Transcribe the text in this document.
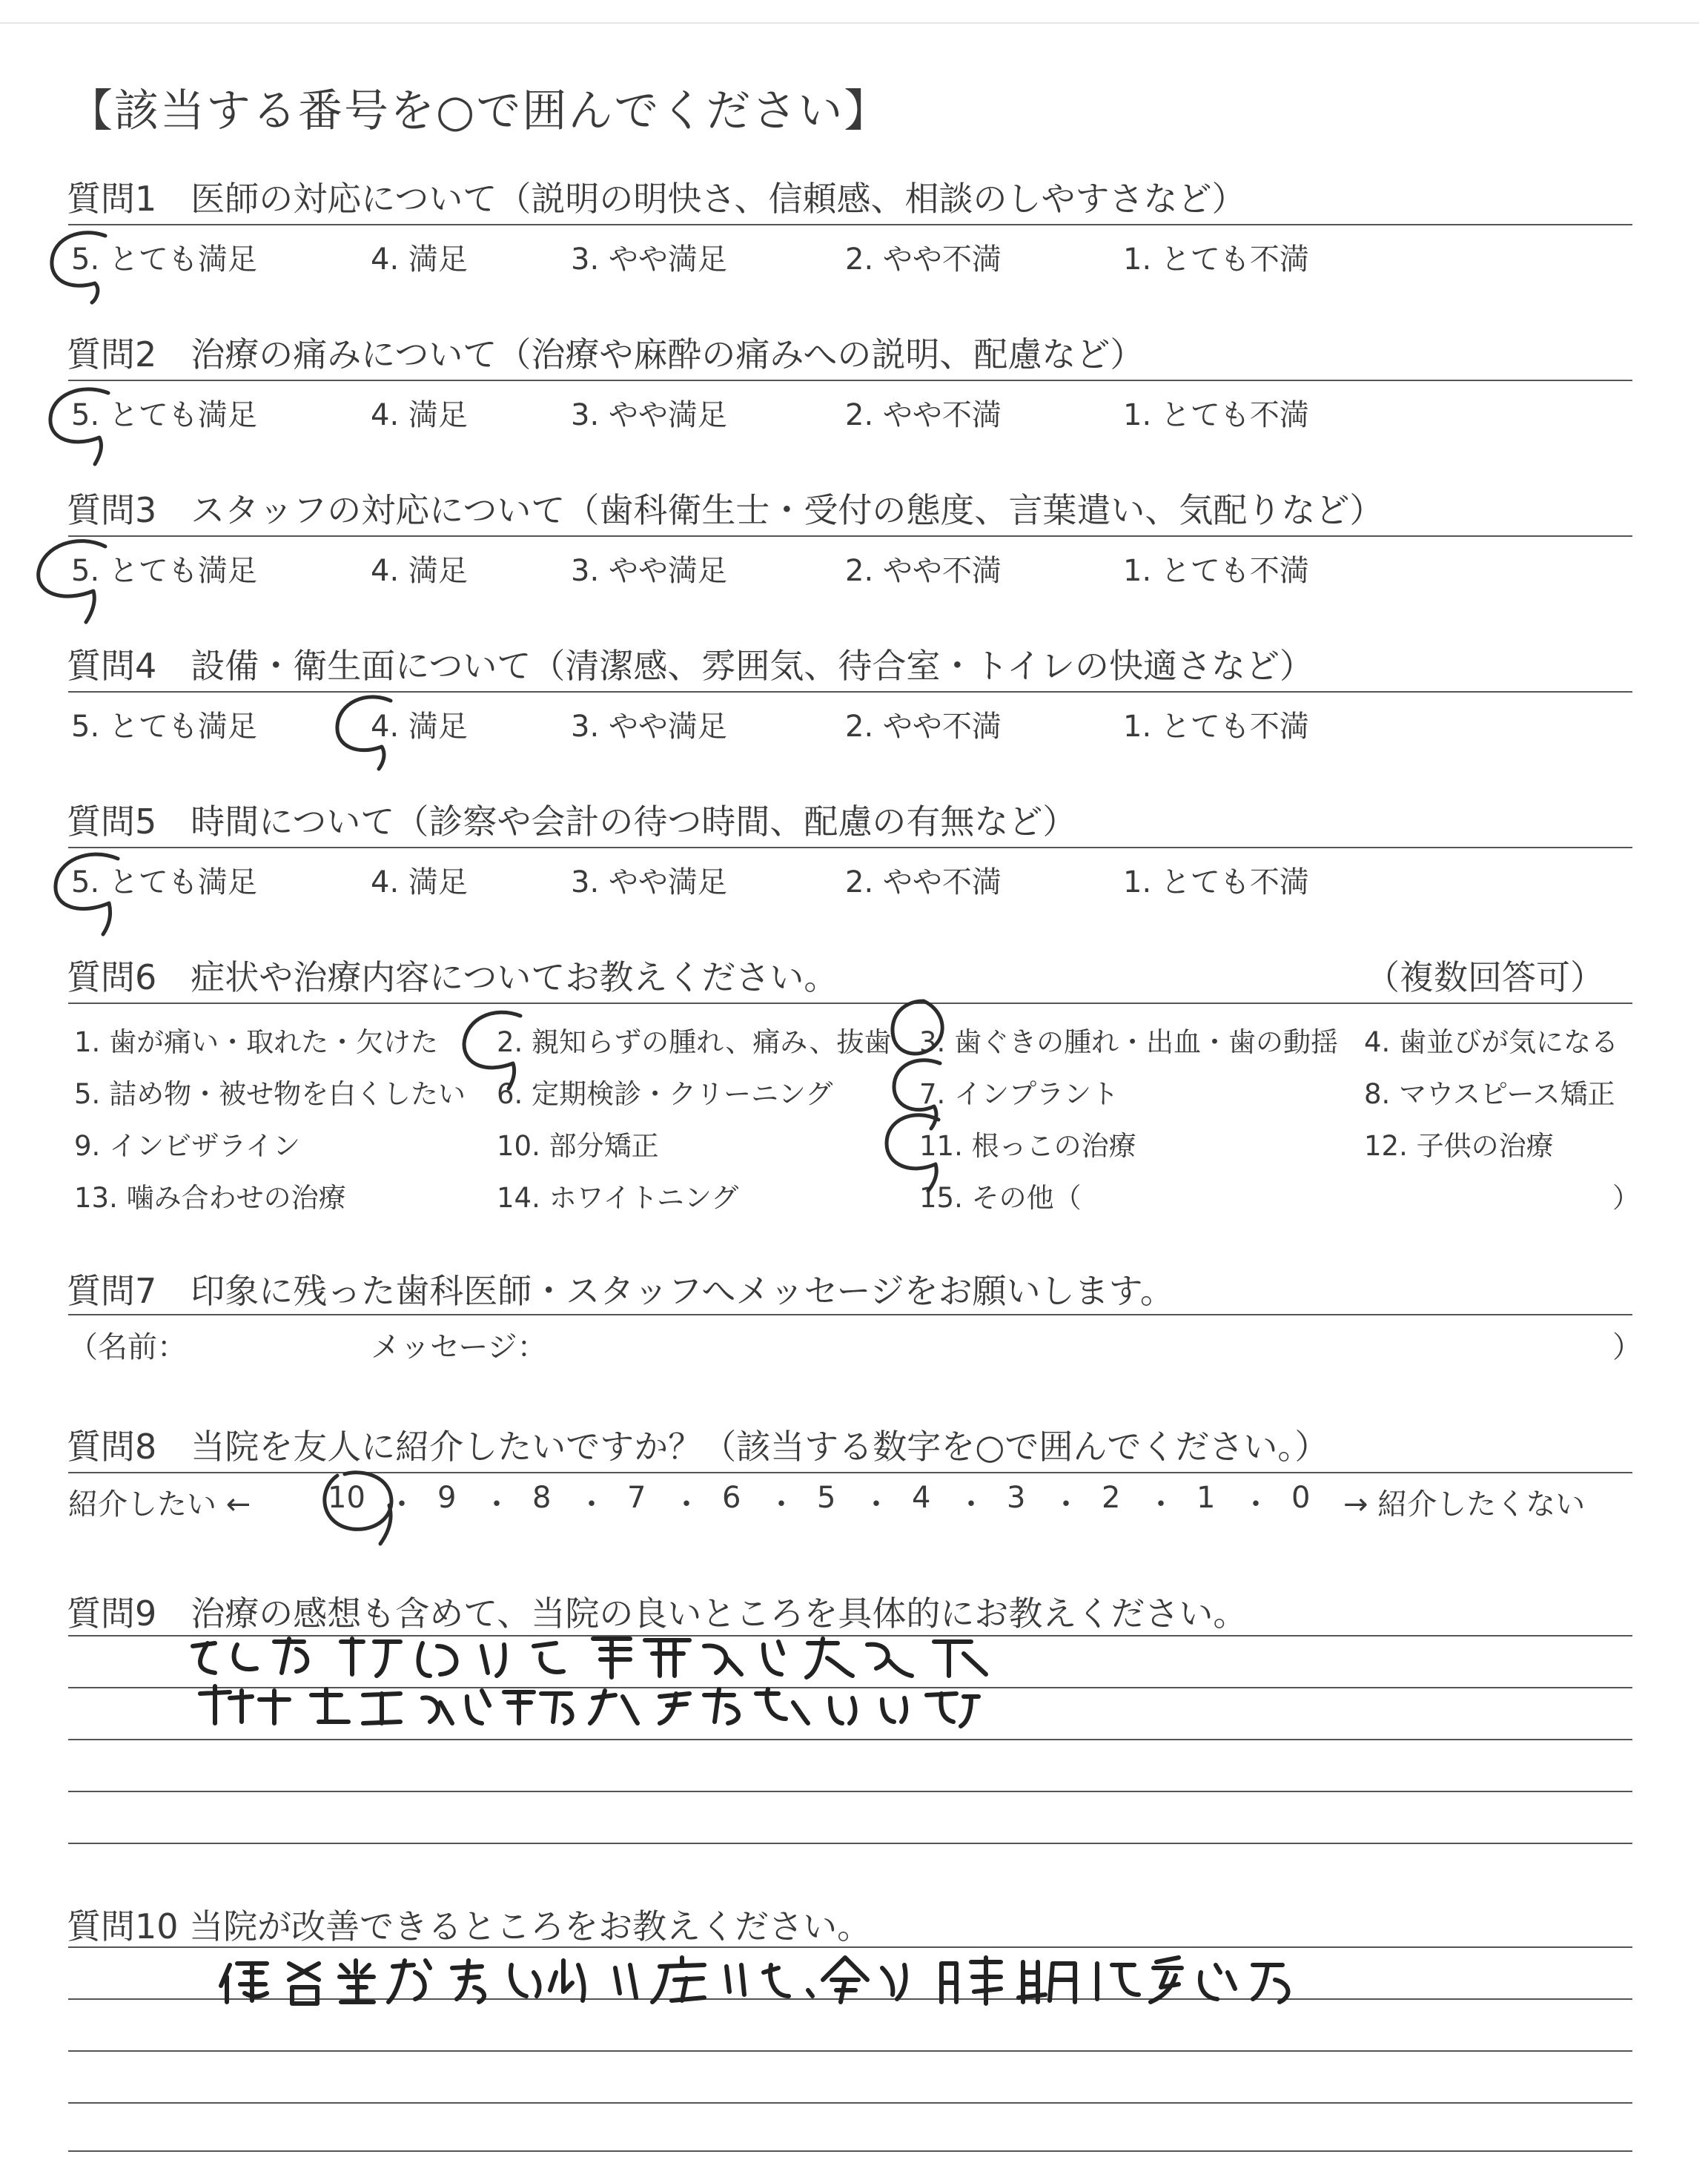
【該当する番号を○で囲んでください】
質問1　医師の対応について（説明の明快さ、信頼感、相談のしやすさなど）
5. とても満足	4. 満足	3. やや満足	2. やや不満	1. とても不満
質問2　治療の痛みについて（治療や麻酔の痛みへの説明、配慮など）
5. とても満足	4. 満足	3. やや満足	2. やや不満	1. とても不満
質問3　スタッフの対応について（歯科衛生士・受付の態度、言葉遣い、気配りなど）
5. とても満足	4. 満足	3. やや満足	2. やや不満	1. とても不満
質問4　設備・衛生面について（清潔感、雰囲気、待合室・トイレの快適さなど）
5. とても満足	4. 満足	3. やや満足	2. やや不満	1. とても不満
質問5　時間について（診察や会計の待つ時間、配慮の有無など）
5. とても満足	4. 満足	3. やや満足	2. やや不満	1. とても不満
質問6　症状や治療内容についてお教えください。	（複数回答可）
1. 歯が痛い・取れた・欠けた 2. 親知らずの腫れ、痛み、抜歯 3. 歯ぐきの腫れ・出血・歯の動揺 4. 歯並びが気になる
5. 詰め物・被せ物を白くしたい 6. 定期検診・クリーニング	7. インプラント	8. マウスピース矯正
9. インビザライン	10. 部分矯正	11. 根っこの治療	12. 子供の治療
13. 噛み合わせの治療	14. ホワイトニング	15. その他（	）
質問7　印象に残った歯科医師・スタッフへメッセージをお願いします。
（名前：	メッセージ：	）
質問8　当院を友人に紹介したいですか？（該当する数字を○で囲んでください。）
紹介したい ←	10 ・ 9 ・ 8 ・ 7 ・ 6 ・ 5 ・ 4 ・ 3 ・ 2 ・ 1 ・ 0 → 紹介したくない
質問9　治療の感想も含めて、当院の良いところを具体的にお教えください。
質問10 当院が改善できるところをお教えください。
